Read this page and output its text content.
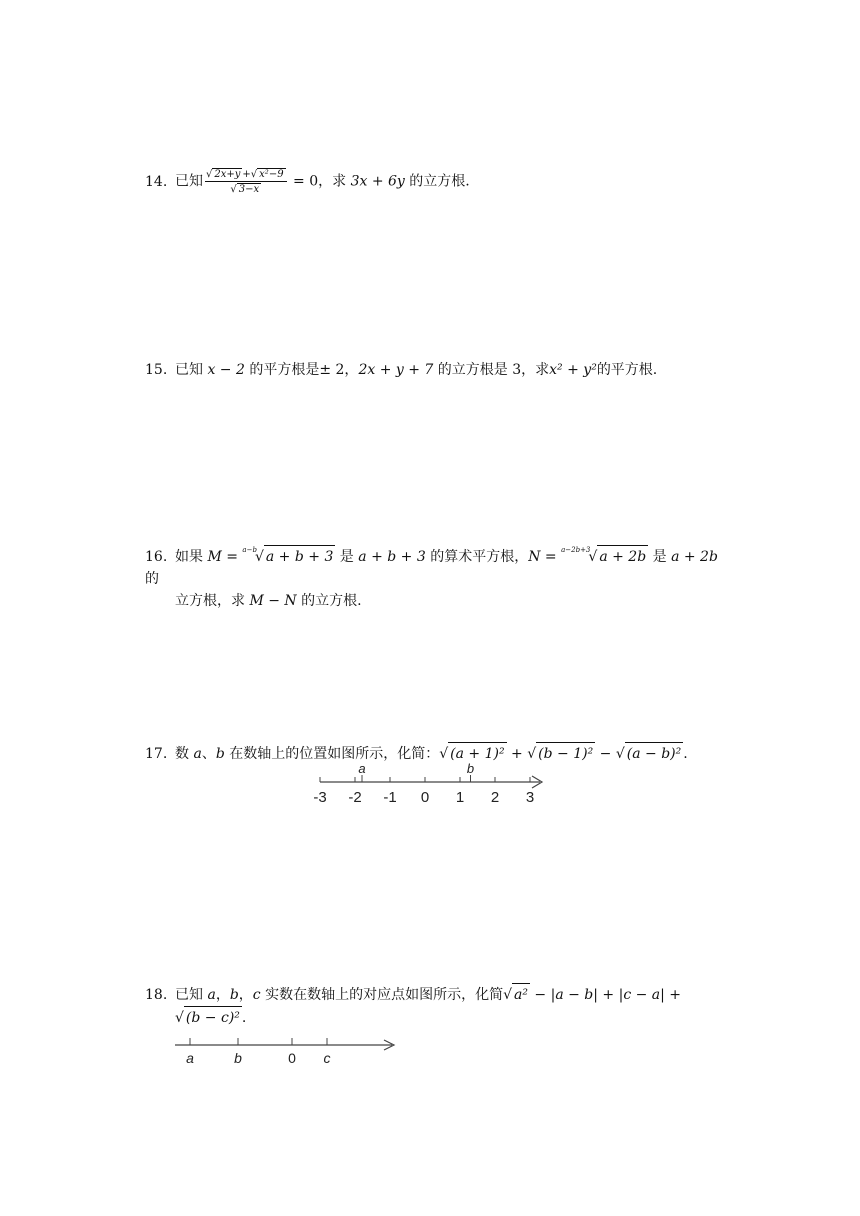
14. 已知 $\frac{\text{√ 2x+y +√ x²−9}}{√ 3-x} = 0$，求 3x + 6y 的立方根.
15. 已知 x − 2 的平方根是± 2，2x + y + 7 的立方根是 3，求x² + y²的平方根.
16. 如果 M = $^{a-b}$√ a + b + 3 是 a + b + 3 的算术平方根，N = $^{a-2b+3}$√ a + 2b 是 a + 2b 的
立方根，求 M − N 的立方根.
17. 数 a、b 在数轴上的位置如图所示，化简：√ (a + 1)² + √ (b − 1)² − √ (a − b)² .
-3 -2 -1 0 1 2 3
a	b
18. 已知 a，b，c 实数在数轴上的对应点如图所示，化简√ a² − |a − b| + |c − a| +
√ (b − c)² .
a	b	0 c
